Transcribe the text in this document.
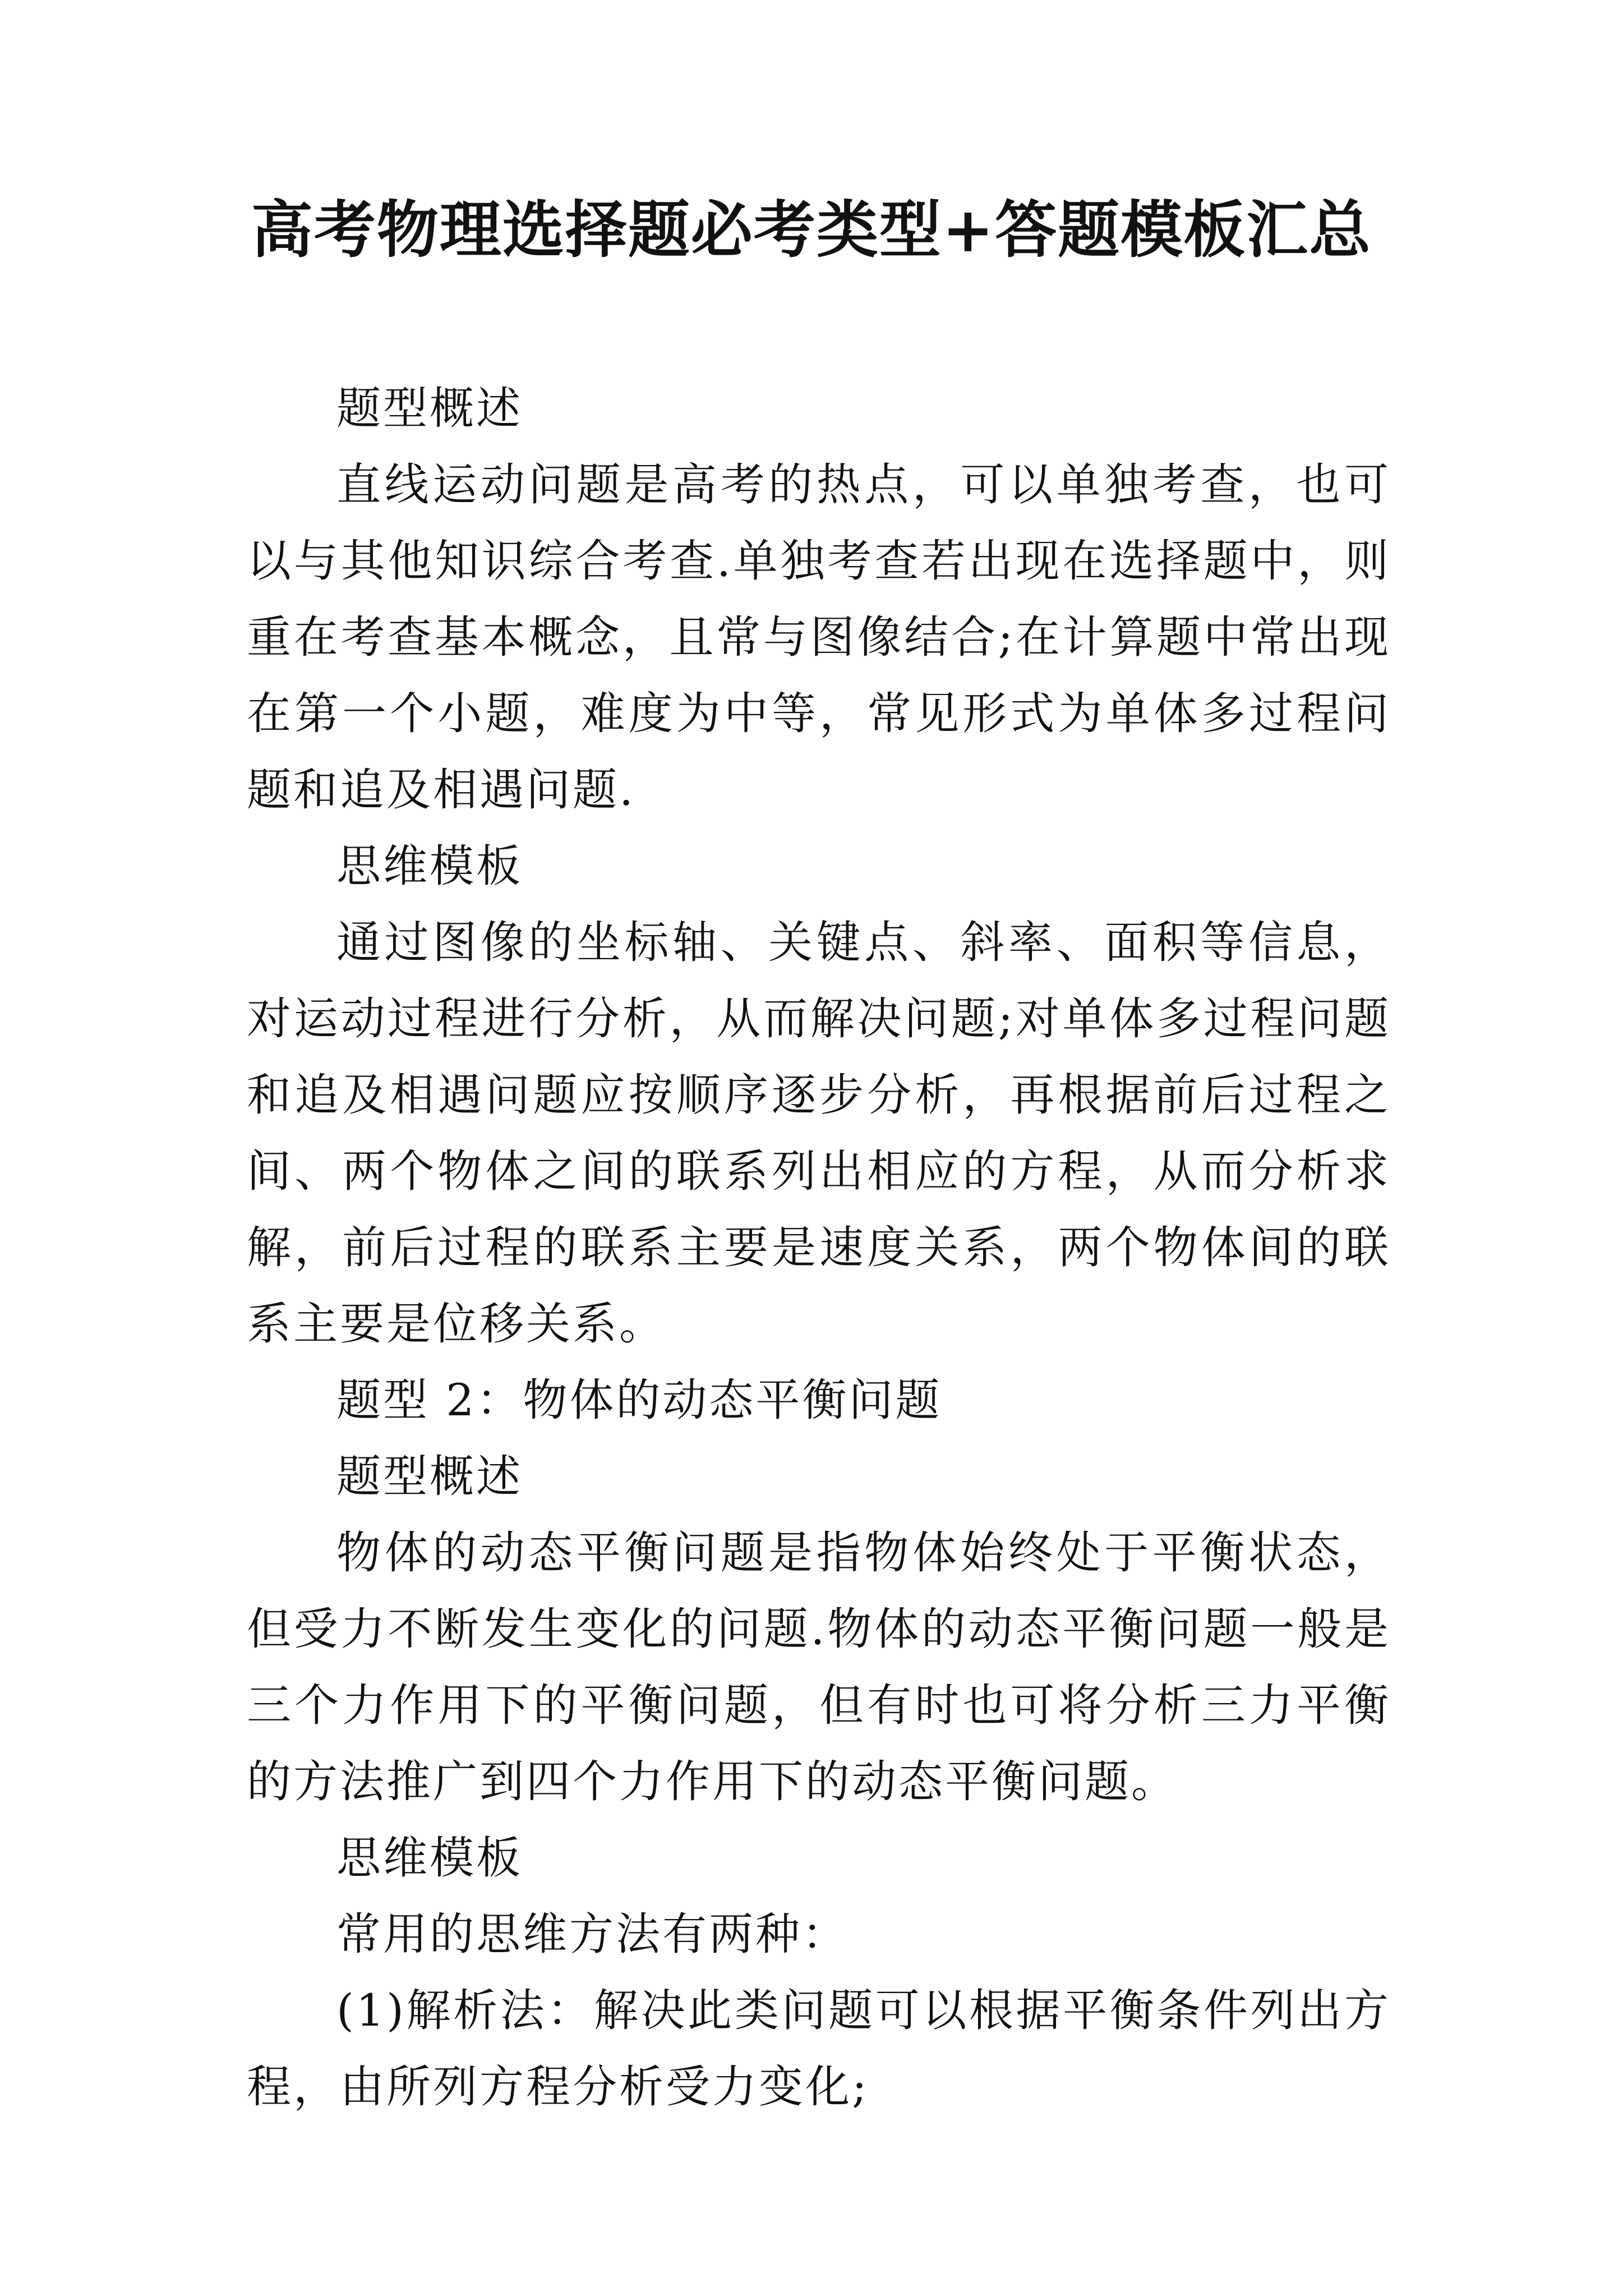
高考物理选择题必考类型+答题模板汇总

题型概述

直线运动问题是高考的热点，可以单独考查，也可以与其他知识综合考查.单独考查若出现在选择题中，则重在考查基本概念，且常与图像结合;在计算题中常出现在第一个小题，难度为中等，常见形式为单体多过程问题和追及相遇问题.

思维模板

通过图像的坐标轴、关键点、斜率、面积等信息，对运动过程进行分析，从而解决问题;对单体多过程问题和追及相遇问题应按顺序逐步分析，再根据前后过程之间、两个物体之间的联系列出相应的方程，从而分析求解，前后过程的联系主要是速度关系，两个物体间的联系主要是位移关系。

题型 2：物体的动态平衡问题

题型概述

物体的动态平衡问题是指物体始终处于平衡状态，但受力不断发生变化的问题.物体的动态平衡问题一般是三个力作用下的平衡问题，但有时也可将分析三力平衡的方法推广到四个力作用下的动态平衡问题。

思维模板

常用的思维方法有两种：

(1)解析法：解决此类问题可以根据平衡条件列出方程，由所列方程分析受力变化;
